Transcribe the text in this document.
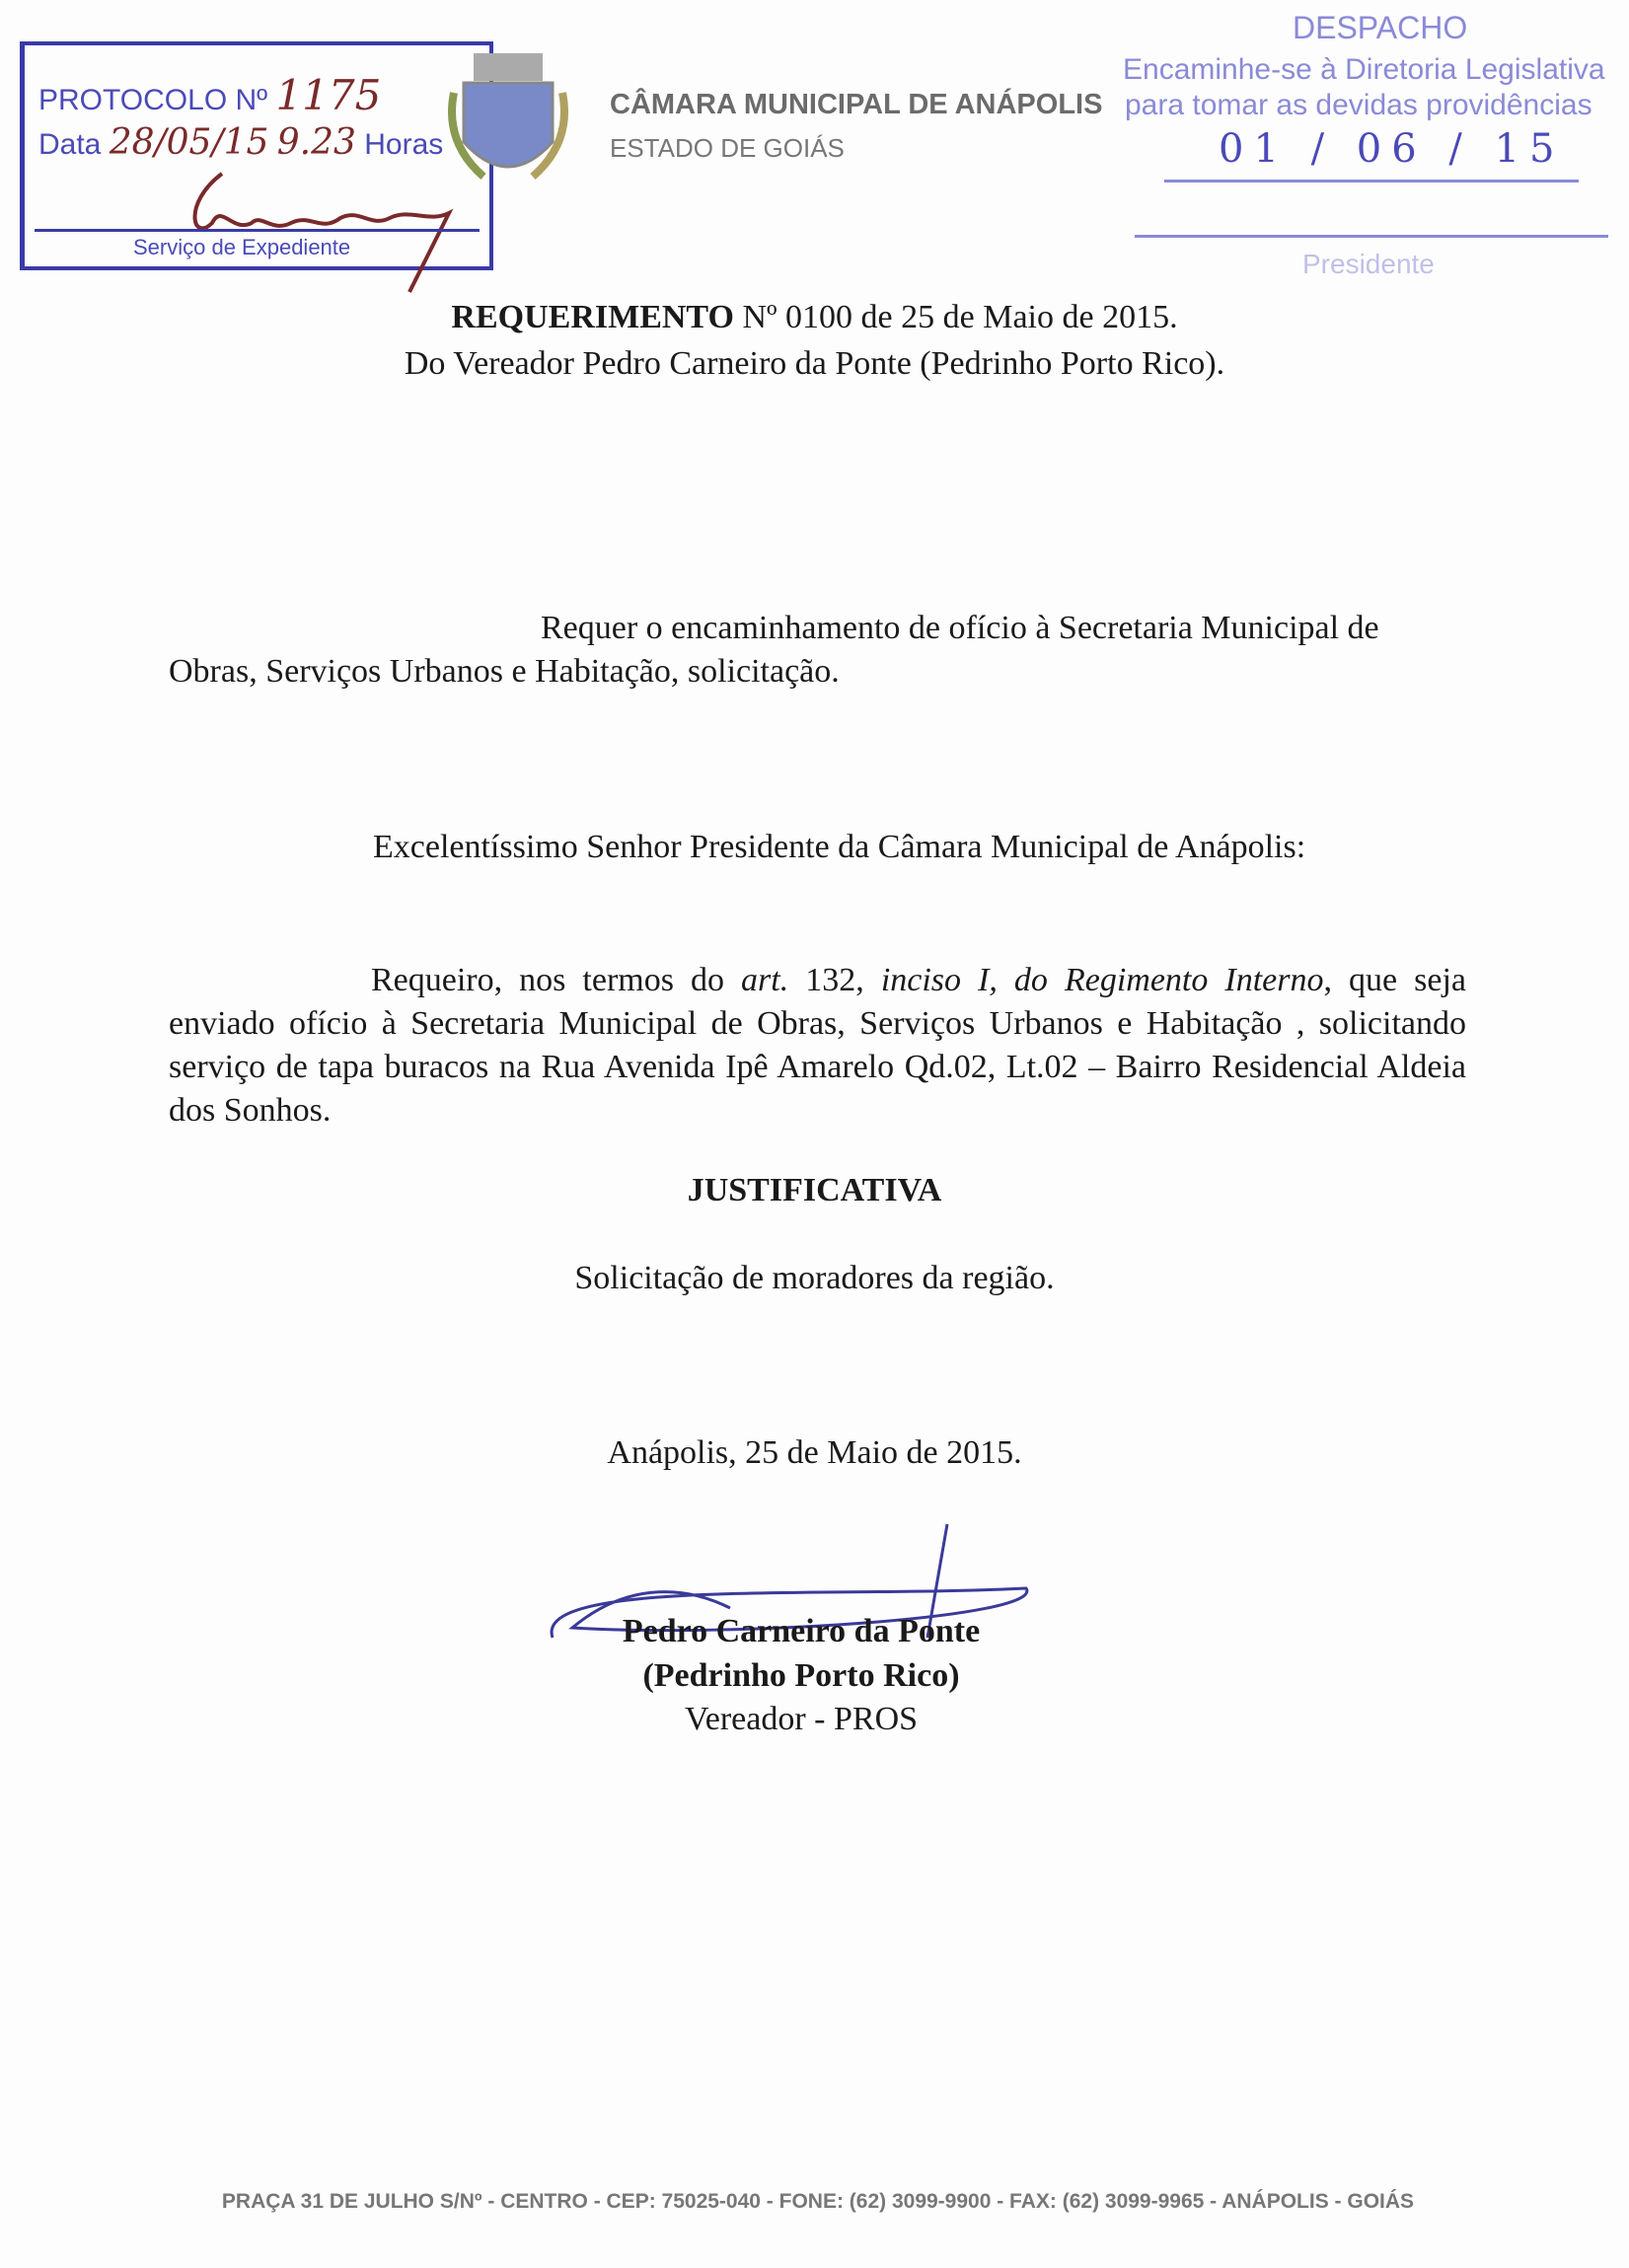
PROTOCOLO Nº 1175
Data 28/05/15 9.23 Horas
Serviço de Expediente
CÂMARA MUNICIPAL DE ANÁPOLIS
ESTADO DE GOIÁS
DESPACHO
Encaminhe-se à Diretoria Legislativa
para tomar as devidas providências
01 / 06 / 15
Presidente
REQUERIMENTO Nº 0100 de 25 de Maio de 2015.
Do Vereador Pedro Carneiro da Ponte (Pedrinho Porto Rico).
Requer o encaminhamento de ofício à Secretaria Municipal de Obras, Serviços Urbanos e Habitação, solicitação.
Excelentíssimo Senhor Presidente da Câmara Municipal de Anápolis:
Requeiro, nos termos do art. 132, inciso I, do Regimento Interno, que seja enviado ofício à Secretaria Municipal de Obras, Serviços Urbanos e Habitação , solicitando serviço de tapa buracos na Rua Avenida Ipê Amarelo Qd.02, Lt.02 – Bairro Residencial Aldeia dos Sonhos.
JUSTIFICATIVA
Solicitação de moradores da região.
Anápolis, 25 de Maio de 2015.
Pedro Carneiro da Ponte
(Pedrinho Porto Rico)
Vereador - PROS
PRAÇA 31 DE JULHO S/Nº - CENTRO - CEP: 75025-040 - FONE: (62) 3099-9900 - FAX: (62) 3099-9965 - ANÁPOLIS - GOIÁS
